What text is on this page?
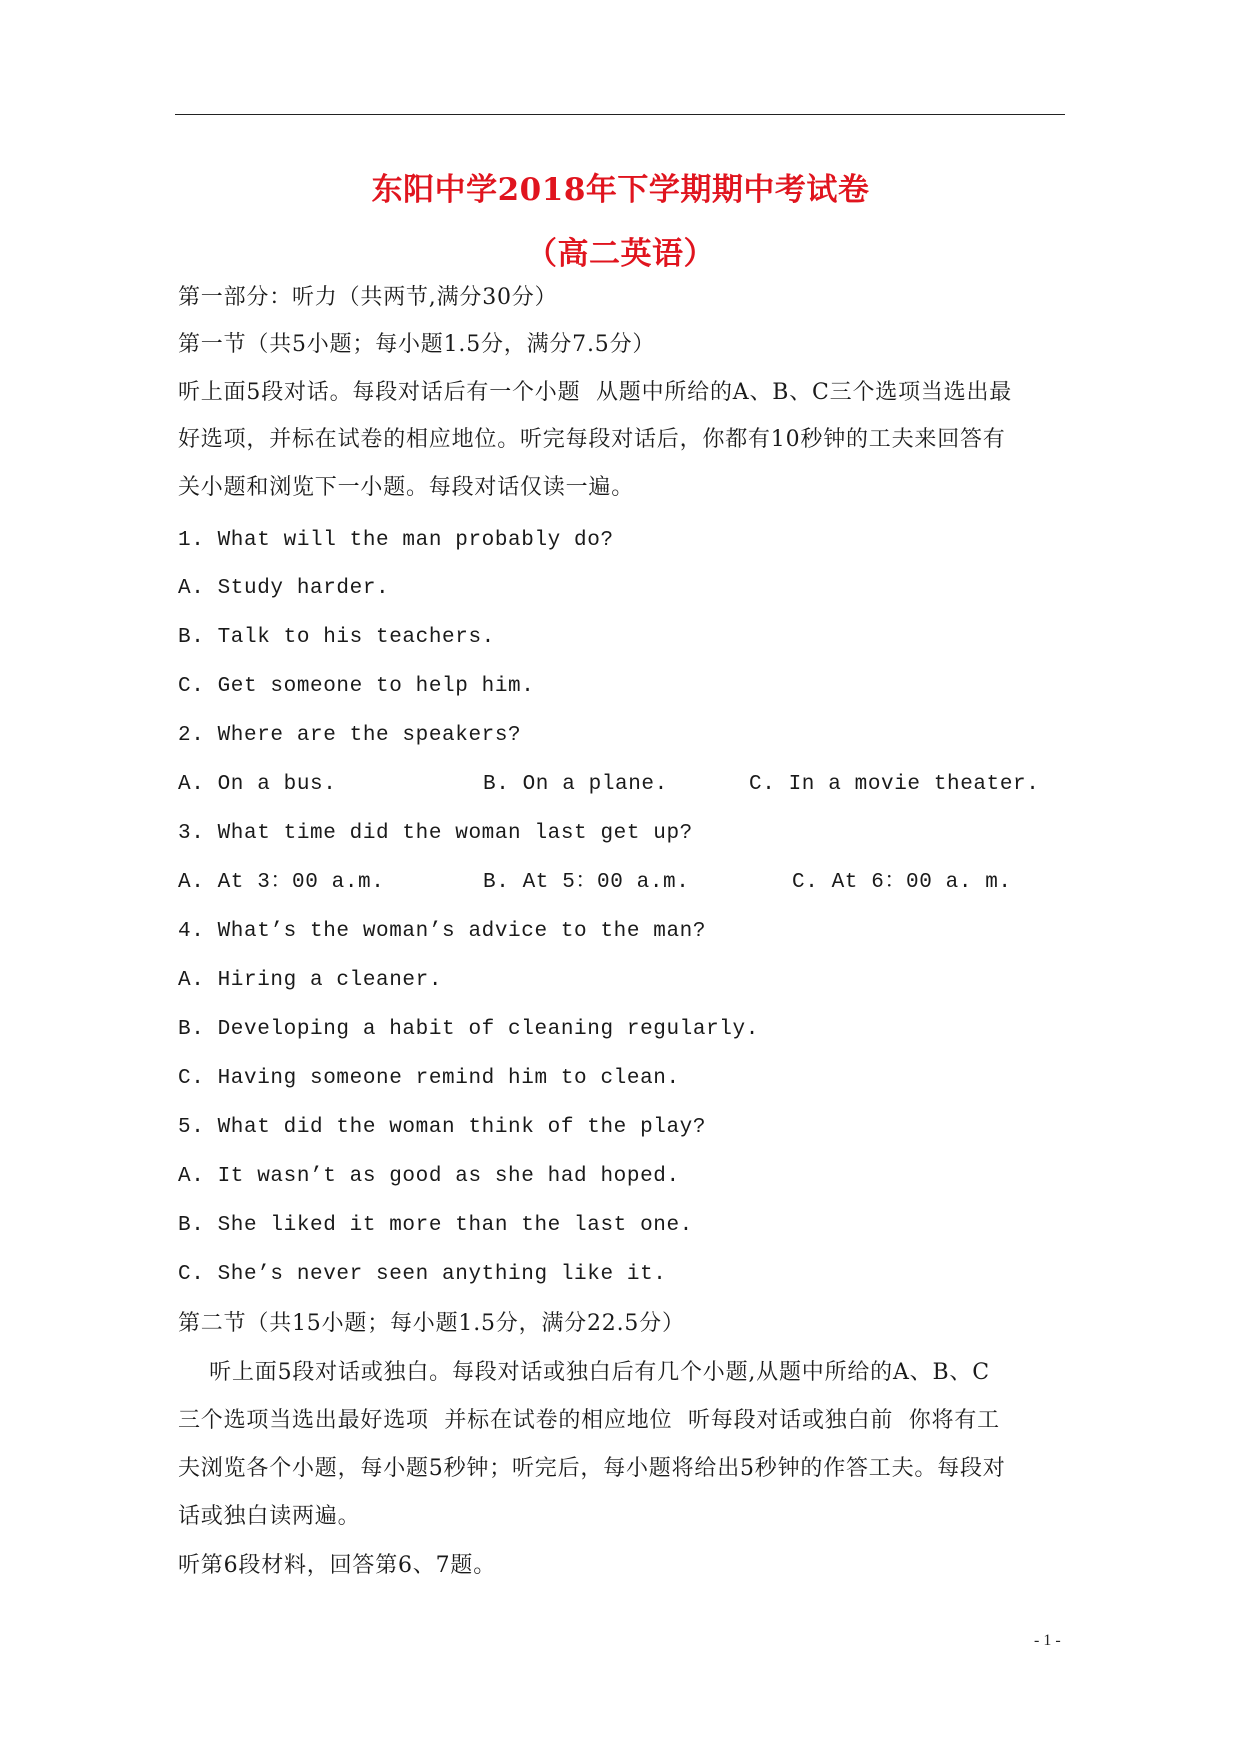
东阳中学2018年下学期期中考试卷
（高二英语）
第一部分：听力（共两节,满分30分）
第一节（共5小题；每小题1.5分，满分7.5分）
听上面5段对话。每段对话后有一个小题  从题中所给的A、B、C三个选项当选出最
好选项，并标在试卷的相应地位。听完每段对话后，你都有10秒钟的工夫来回答有
关小题和浏览下一小题。每段对话仅读一遍。
1. What will the man probably do?
A. Study harder.
B. Talk to his teachers.
C. Get someone to help him.
2. Where are the speakers?
A. On a bus.	B. On a plane.	C. In a movie theater.
3. What time did the woman last get up?
A. At 3：00 a.m.	B. At 5：00 a.m.	C. At 6：00 a. m.
4. What’s the woman’s advice to the man?
A. Hiring a cleaner.
B. Developing a habit of cleaning regularly.
C. Having someone remind him to clean.
5. What did the woman think of the play?
A. It wasn’t as good as she had hoped.
B. She liked it more than the last one.
C. She’s never seen anything like it.
第二节（共15小题；每小题1.5分，满分22.5分）
听上面5段对话或独白。每段对话或独白后有几个小题,从题中所给的A、B、C
三个选项当选出最好选项  并标在试卷的相应地位  听每段对话或独白前  你将有工
夫浏览各个小题，每小题5秒钟；听完后，每小题将给出5秒钟的作答工夫。每段对
话或独白读两遍。
听第6段材料，回答第6、7题。
- 1 -
